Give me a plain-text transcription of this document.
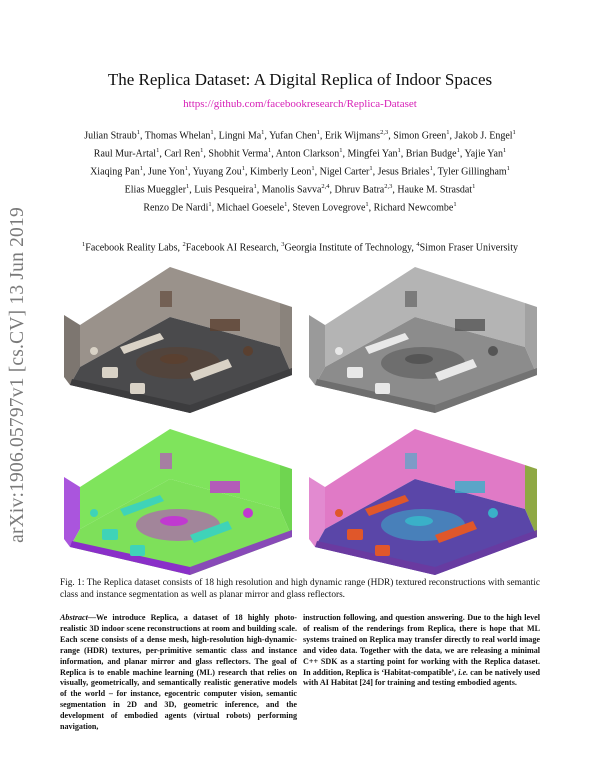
arXiv:1906.05797v1 [cs.CV] 13 Jun 2019
The Replica Dataset: A Digital Replica of Indoor Spaces
https://github.com/facebookresearch/Replica-Dataset
Julian Straub$^1$, Thomas Whelan$^1$, Lingni Ma$^1$, Yufan Chen$^1$, Erik Wijmans$^{2,3}$, Simon Green$^1$, Jakob J. Engel$^1$
Raul Mur-Artal$^1$, Carl Ren$^1$, Shobhit Verma$^1$, Anton Clarkson$^1$, Mingfei Yan$^1$, Brian Budge$^1$, Yajie Yan$^1$
Xiaqing Pan$^1$, June Yon$^1$, Yuyang Zou$^1$, Kimberly Leon$^1$, Nigel Carter$^1$, Jesus Briales$^1$, Tyler Gillingham$^1$
Elias Mueggler$^1$, Luis Pesqueira$^1$, Manolis Savva$^{2,4}$, Dhruv Batra$^{2,3}$, Hauke M. Strasdat$^1$
Renzo De Nardi$^1$, Michael Goesele$^1$, Steven Lovegrove$^1$, Richard Newcombe$^1$
$^1$Facebook Reality Labs, $^2$Facebook AI Research, $^3$Georgia Institute of Technology, $^4$Simon Fraser University
Fig. 1: The Replica dataset consists of 18 high resolution and high dynamic range (HDR) textured reconstructions with semantic class and instance segmentation as well as planar mirror and glass reflectors.
Abstract—We introduce Replica, a dataset of 18 highly photo-realistic 3D indoor scene reconstructions at room and building scale. Each scene consists of a dense mesh, high-resolution high-dynamic-range (HDR) textures, per-primitive semantic class and instance information, and planar mirror and glass reflectors. The goal of Replica is to enable machine learning (ML) research that relies on visually, geometrically, and semantically realistic generative models of the world – for instance, egocentric computer vision, semantic segmentation in 2D and 3D, geometric inference, and the development of embodied agents (virtual robots) performing navigation,
instruction following, and question answering. Due to the high level of realism of the renderings from Replica, there is hope that ML systems trained on Replica may transfer directly to real world image and video data. Together with the data, we are releasing a minimal C++ SDK as a starting point for working with the Replica dataset. In addition, Replica is ‘Habitat-compatible’, i.e. can be natively used with AI Habitat [24] for training and testing embodied agents.
